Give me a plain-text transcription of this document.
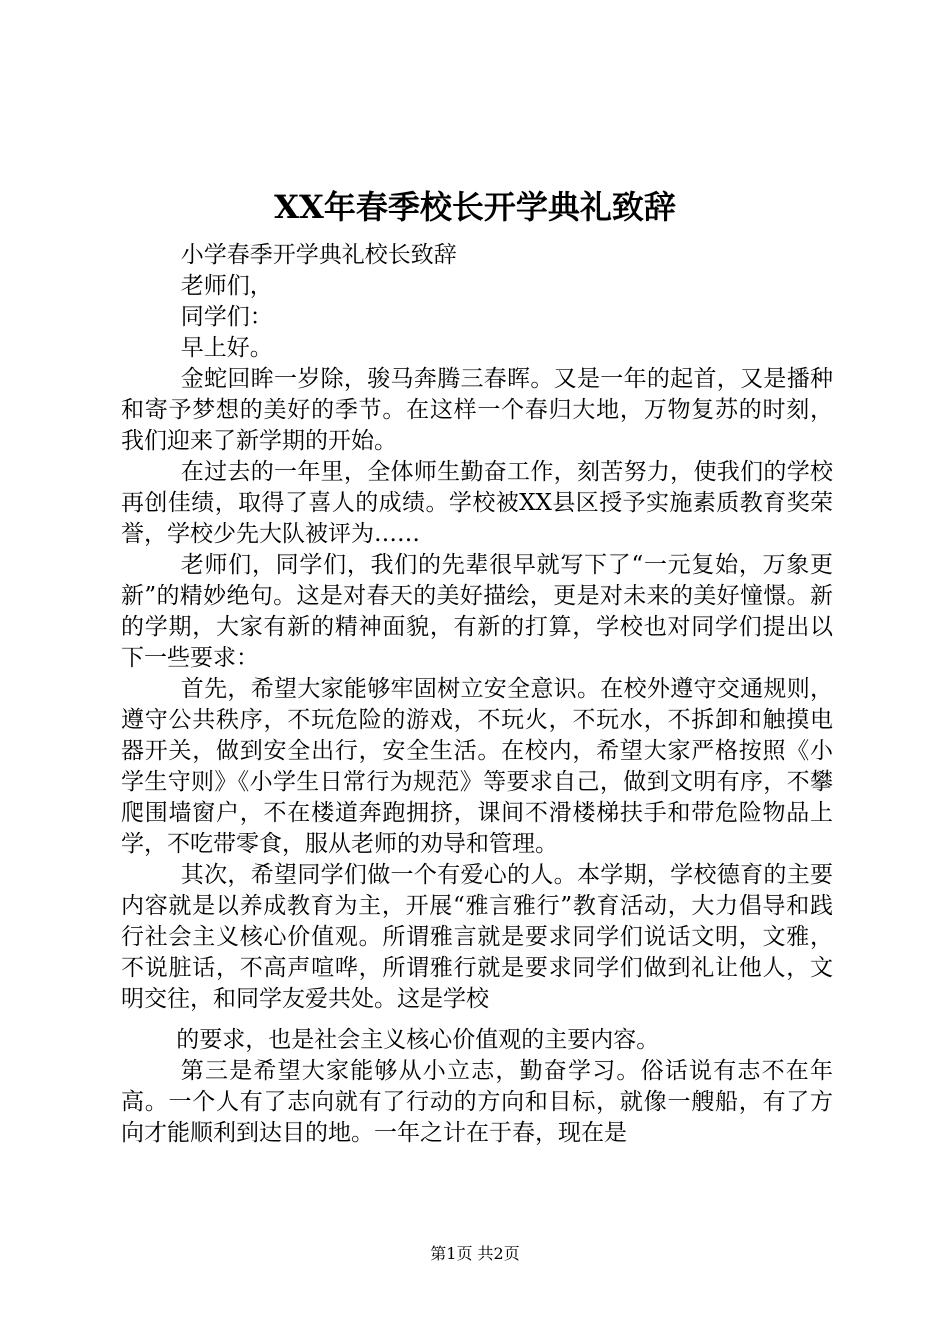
XX年春季校长开学典礼致辞

小学春季开学典礼校长致辞

老师们，

同学们：

早上好。

金蛇回眸一岁除，骏马奔腾三春晖。又是一年的起首，又是播种和寄予梦想的美好的季节。在这样一个春归大地，万物复苏的时刻，我们迎来了新学期的开始。

在过去的一年里，全体师生勤奋工作，刻苦努力，使我们的学校再创佳绩，取得了喜人的成绩。学校被XX县区授予实施素质教育奖荣誉，学校少先大队被评为……

老师们，同学们，我们的先辈很早就写下了“一元复始，万象更新”的精妙绝句。这是对春天的美好描绘，更是对未来的美好憧憬。新的学期，大家有新的精神面貌，有新的打算，学校也对同学们提出以下一些要求：

首先，希望大家能够牢固树立安全意识。在校外遵守交通规则，遵守公共秩序，不玩危险的游戏，不玩火，不玩水，不拆卸和触摸电器开关，做到安全出行，安全生活。在校内，希望大家严格按照《小学生守则》《小学生日常行为规范》等要求自己，做到文明有序，不攀爬围墙窗户，不在楼道奔跑拥挤，课间不滑楼梯扶手和带危险物品上学，不吃带零食，服从老师的劝导和管理。

其次，希望同学们做一个有爱心的人。本学期，学校德育的主要内容就是以养成教育为主，开展“雅言雅行”教育活动，大力倡导和践行社会主义核心价值观。所谓雅言就是要求同学们说话文明，文雅，不说脏话，不高声喧哗，所谓雅行就是要求同学们做到礼让他人，文明交往，和同学友爱共处。这是学校

的要求，也是社会主义核心价值观的主要内容。

第三是希望大家能够从小立志，勤奋学习。俗话说有志不在年高。一个人有了志向就有了行动的方向和目标，就像一艘船，有了方向才能顺利到达目的地。一年之计在于春，现在是

第1页 共2页
